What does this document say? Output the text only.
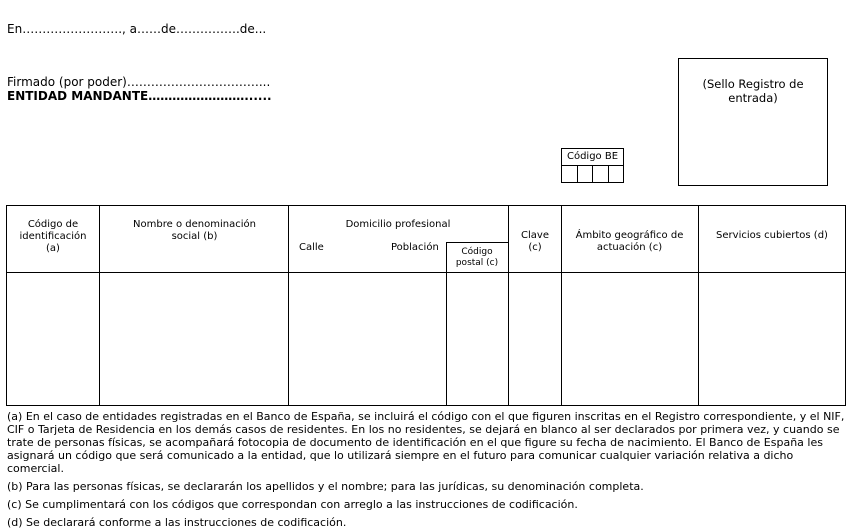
En……………………., a……de…………….de...
Firmado (por poder)……………………………...
ENTIDAD MANDANTE……………………......
(Sello Registro de entrada)
Código BE
Código de identificación (a)
Nombre o denominación social (b)
Domicilio profesional
Calle	Población	Código postal (c)
Clave (c)
Ámbito geográfico de actuación (c)
Servicios cubiertos (d)

(a) En el caso de entidades registradas en el Banco de España, se incluirá el código con el que figuren inscritas en el Registro correspondiente, y el NIF, CIF o Tarjeta de Residencia en los demás casos de residentes. En los no residentes, se dejará en blanco al ser declarados por primera vez, y cuando se trate de personas físicas, se acompañará fotocopia de documento de identificación en el que figure su fecha de nacimiento. El Banco de España les asignará un código que será comunicado a la entidad, que lo utilizará siempre en el futuro para comunicar cualquier variación relativa a dicho comercial.

(b) Para las personas físicas, se declararán los apellidos y el nombre; para las jurídicas, su denominación completa.

(c) Se cumplimentará con los códigos que correspondan con arreglo a las instrucciones de codificación.

(d) Se declarará conforme a las instrucciones de codificación.
